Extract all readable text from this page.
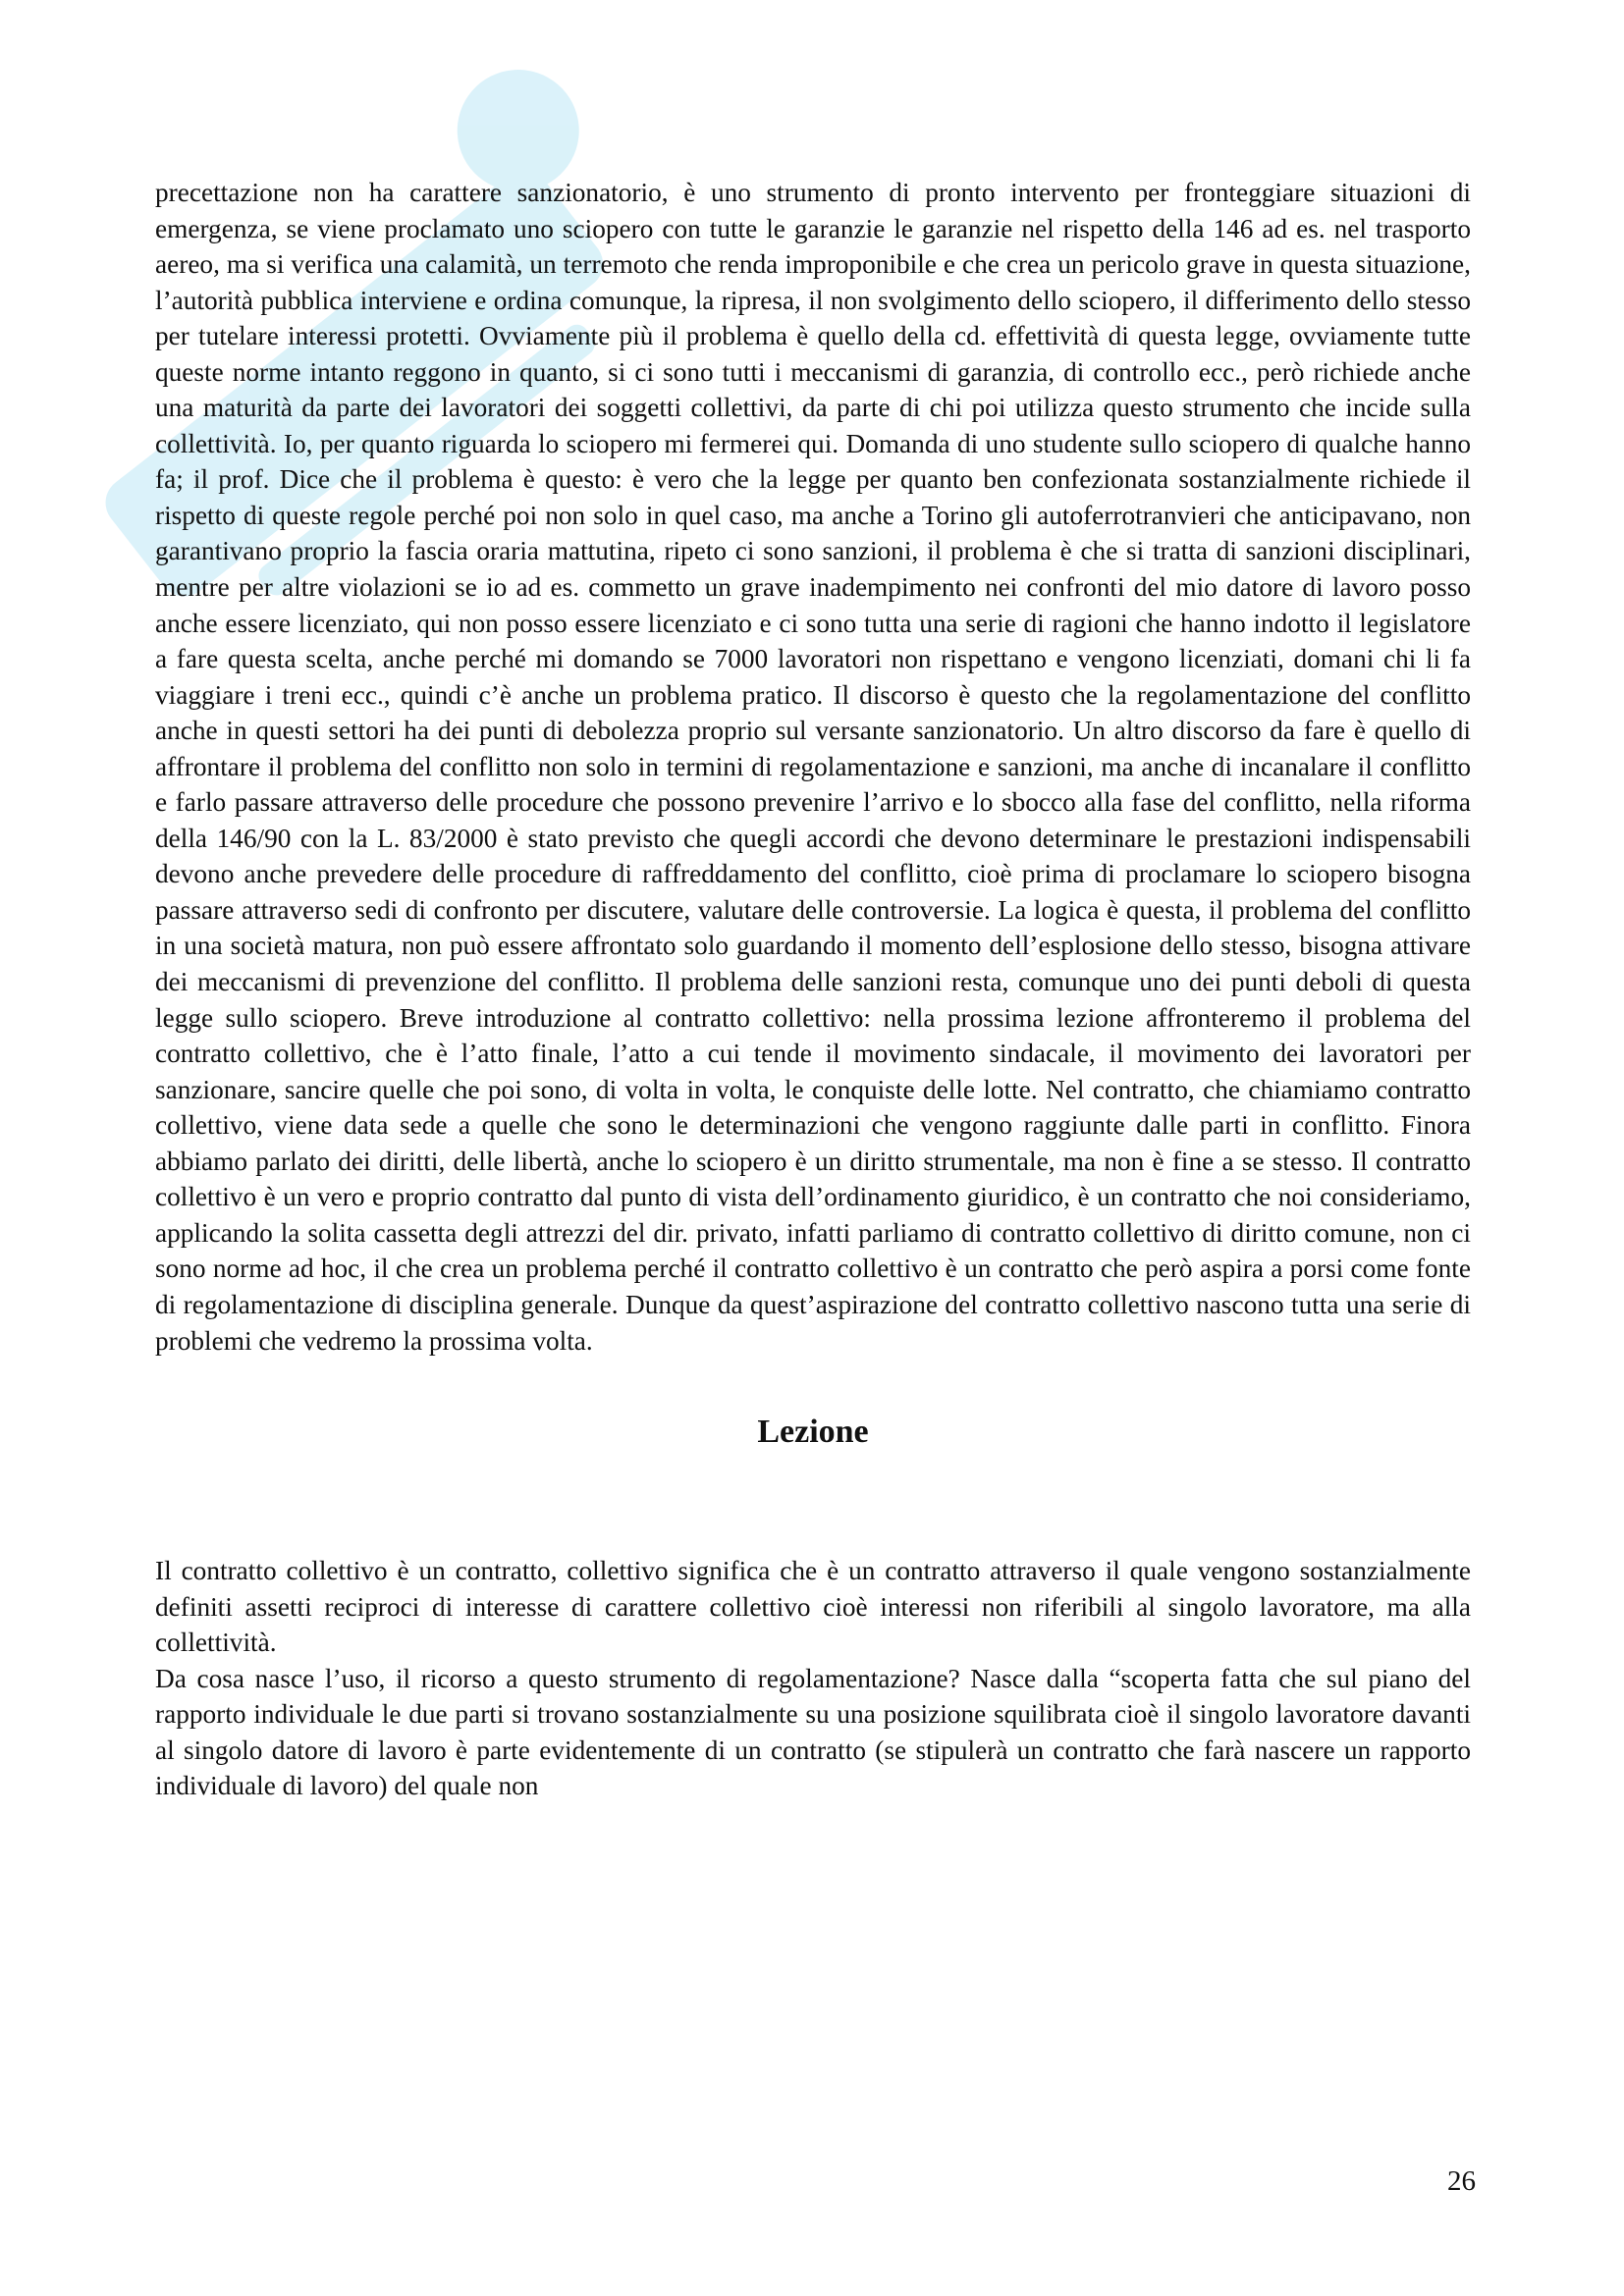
precettazione non ha carattere sanzionatorio, è uno strumento di pronto intervento per fronteggiare situazioni di emergenza, se viene proclamato uno sciopero con tutte le garanzie le garanzie nel rispetto della 146 ad es. nel trasporto aereo, ma si verifica una calamità, un terremoto che renda improponibile e che crea un pericolo grave in questa situazione, l’autorità pubblica interviene e ordina comunque, la ripresa, il non svolgimento dello sciopero, il differimento dello stesso per tutelare interessi protetti. Ovviamente più il problema è quello della cd. effettività di questa legge, ovviamente tutte queste norme intanto reggono in quanto, si ci sono tutti i meccanismi di garanzia, di controllo ecc., però richiede anche una maturità da parte dei lavoratori dei soggetti collettivi, da parte di chi poi utilizza questo strumento che incide sulla collettività. Io, per quanto riguarda lo sciopero mi fermerei qui. Domanda di uno studente sullo sciopero di qualche hanno fa; il prof. Dice che il problema è questo: è vero che la legge per quanto ben confezionata sostanzialmente richiede il rispetto di queste regole perché poi non solo in quel caso, ma anche a Torino gli autoferrotranvieri che anticipavano, non garantivano proprio la fascia oraria mattutina, ripeto ci sono sanzioni, il problema è che si tratta di sanzioni disciplinari, mentre per altre violazioni se io ad es. commetto un grave inadempimento nei confronti del mio datore di lavoro posso anche essere licenziato, qui non posso essere licenziato e ci sono tutta una serie di ragioni che hanno indotto il legislatore a fare questa scelta, anche perché mi domando se 7000 lavoratori non rispettano e vengono licenziati, domani chi li fa viaggiare i treni ecc., quindi c’è anche un problema pratico. Il discorso è questo che la regolamentazione del conflitto anche in questi settori ha dei punti di debolezza proprio sul versante sanzionatorio. Un altro discorso da fare è quello di affrontare il problema del conflitto non solo in termini di regolamentazione e sanzioni, ma anche di incanalare il conflitto e farlo passare attraverso delle procedure che possono prevenire l’arrivo e lo sbocco alla fase del conflitto, nella riforma della 146/90 con la L. 83/2000 è stato previsto che quegli accordi che devono determinare le prestazioni indispensabili devono anche prevedere delle procedure di raffreddamento del conflitto, cioè prima di proclamare lo sciopero bisogna passare attraverso sedi di confronto per discutere, valutare delle controversie. La logica è questa, il problema del conflitto in una società matura, non può essere affrontato solo guardando il momento dell’esplosione dello stesso, bisogna attivare dei meccanismi di prevenzione del conflitto. Il problema delle sanzioni resta, comunque uno dei punti deboli di questa legge sullo sciopero. Breve introduzione al contratto collettivo: nella prossima lezione affronteremo il problema del contratto collettivo, che è l’atto finale, l’atto a cui tende il movimento sindacale, il movimento dei lavoratori per sanzionare, sancire quelle che poi sono, di volta in volta, le conquiste delle lotte. Nel contratto, che chiamiamo contratto collettivo, viene data sede a quelle che sono le determinazioni che vengono raggiunte dalle parti in conflitto. Finora abbiamo parlato dei diritti, delle libertà, anche lo sciopero è un diritto strumentale, ma non è fine a se stesso. Il contratto collettivo è un vero e proprio contratto dal punto di vista dell’ordinamento giuridico, è un contratto che noi consideriamo, applicando la solita cassetta degli attrezzi del dir. privato, infatti parliamo di contratto collettivo di diritto comune, non ci sono norme ad hoc, il che crea un problema perché il contratto collettivo è un contratto che però aspira a porsi come fonte di regolamentazione di disciplina generale. Dunque da quest’aspirazione del contratto collettivo nascono tutta una serie di problemi che vedremo la prossima volta.

Lezione

Il contratto collettivo è un contratto, collettivo significa che è un contratto attraverso il quale vengono sostanzialmente definiti assetti reciproci di interesse di carattere collettivo cioè interessi non riferibili al singolo lavoratore, ma alla collettività.

Da cosa nasce l’uso, il ricorso a questo strumento di regolamentazione? Nasce dalla “scoperta fatta che sul piano del rapporto individuale le due parti si trovano sostanzialmente su una posizione squilibrata cioè il singolo lavoratore davanti al singolo datore di lavoro è parte evidentemente di un contratto (se stipulerà un contratto che farà nascere un rapporto individuale di lavoro) del quale non

26
